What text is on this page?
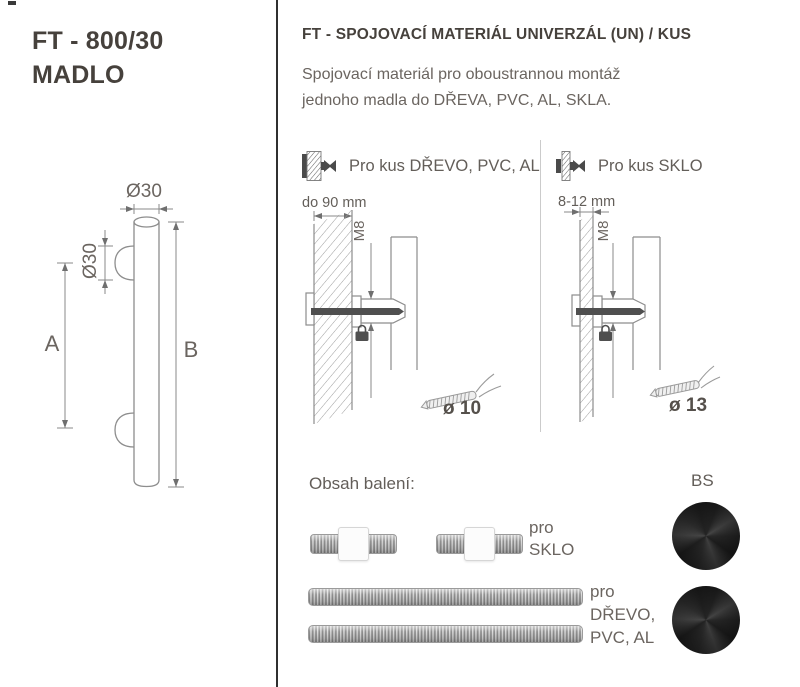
FT - 800/30
MADLO
Ø30
Ø30
A	B
FT - SPOJOVACÍ MATERIÁL UNIVERZÁL (UN) / KUS
Spojovací materiál pro oboustrannou montáž
jednoho madla do DŘEVA, PVC, AL, SKLA.
Pro kus DŘEVO, PVC, AL	Pro kus SKLO
do 90 mm
M8
ø 10
8-12 mm
M8
ø 13
Obsah balení:
pro
SKLO
pro
DŘEVO,
PVC, AL
BS
